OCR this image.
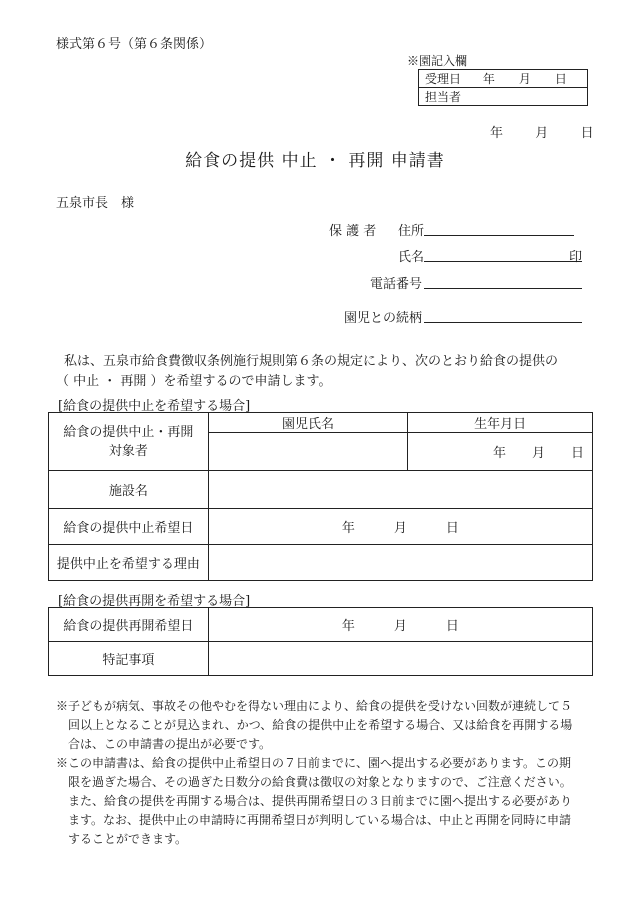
様式第６号（第６条関係）
※園記入欄
受理日 年　　月　　日
担当者
年 月 日
給食の提供 中止 ・ 再開 申請書
五泉市長　様
保 護 者 住所
氏名	印
電話番号
園児との続柄
私は、五泉市給食費徴収条例施行規則第６条の規定により、次のとおり給食の提供の
（ 中止 ・ 再開 ）を希望するので申請します。
[給食の提供中止を希望する場合]
給食の提供中止・再開
対象者	園児氏名	生年月日
		年　　月　　日
施設名		
給食の提供中止希望日	年　　　月　　　日	
提供中止を希望する理由		
[給食の提供再開を希望する場合]
給食の提供再開希望日	年　　　月　　　日
特記事項	

※子どもが病気、事故その他やむを得ない理由により、給食の提供を受けない回数が連続して５

回以上となることが見込まれ、かつ、給食の提供中止を希望する場合、又は給食を再開する場

合は、この申請書の提出が必要です。

※この申請書は、給食の提供中止希望日の７日前までに、園へ提出する必要があります。この期

限を過ぎた場合、その過ぎた日数分の給食費は徴収の対象となりますので、ご注意ください。

また、給食の提供を再開する場合は、提供再開希望日の３日前までに園へ提出する必要があり

ます。なお、提供中止の申請時に再開希望日が判明している場合は、中止と再開を同時に申請

することができます。
